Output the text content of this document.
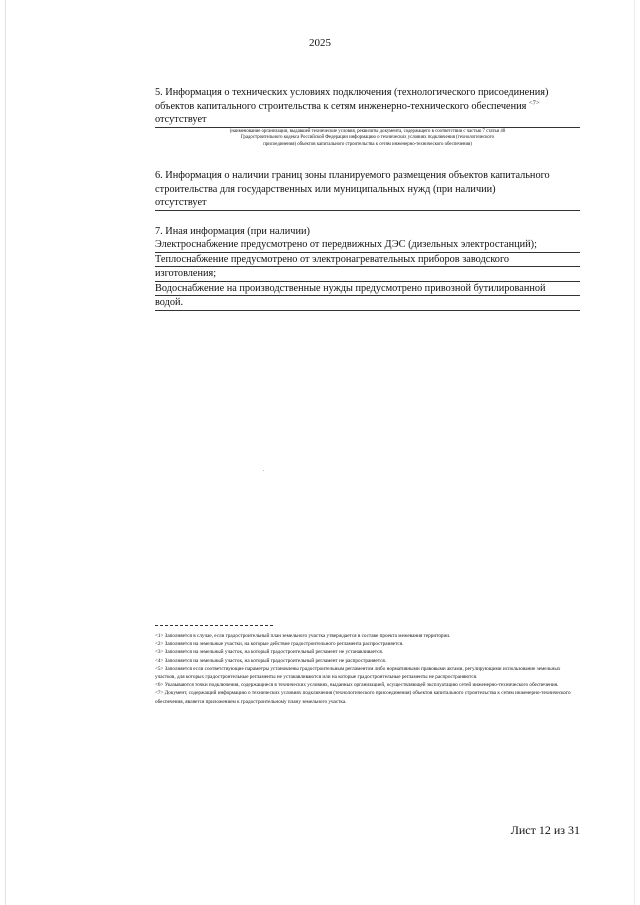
2025
5. Информация о технических условиях подключения (технологического присоединения)
объектов капитального строительства к сетям инженерно-технического обеспечения $^{<7>}$
отсутствует
(наименование организации, выдавшей технические условия, реквизиты документа, содержащего в соответствии с частью 7 статьи 48
Градостроительного кодекса Российской Федерации информацию о технических условиях подключения (технологического
присоединения) объектов капитального строительства к сетям инженерно-технического обеспечения)
6. Информация о наличии границ зоны планируемого размещения объектов капитального
строительства для государственных или муниципальных нужд (при наличии)
отсутствует
7. Иная информация (при наличии)
Электроснабжение предусмотрено от передвижных ДЭС (дизельных электростанций);
Теплоснабжение предусмотрено от электронагревательных приборов заводского
изготовления;
Водоснабжение на производственные нужды предусмотрено привозной бутилированной
водой.
<1> Заполняется в случае, если градостроительный план земельного участка утверждается в составе проекта межевания территории.
<2> Заполняется на земельные участки, на которые действие градостроительного регламента распространяется.
<3> Заполняется на земельный участок, на который градостроительный регламент не устанавливается.
<4> Заполняется на земельный участок, на который градостроительный регламент не распространяется.
<5> Заполняется если соответствующие параметры установлены градостроительным регламентом либо нормативными правовыми актами, регулирующими использование земельных участков, для которых градостроительные регламенты не устанавливаются или на которые градостроительные регламенты не распространяются.
<6> Указываются точки подключения, содержащиеся в технических условиях, выданных организацией, осуществляющей эксплуатацию сетей инженерно-технического обеспечения.
<7> Документ, содержащий информацию о технических условиях подключения (технологического присоединения) объектов капитального строительства к сетям инженерно-технического обеспечения, является приложением к градостроительному плану земельного участка.
Лист 12 из 31
